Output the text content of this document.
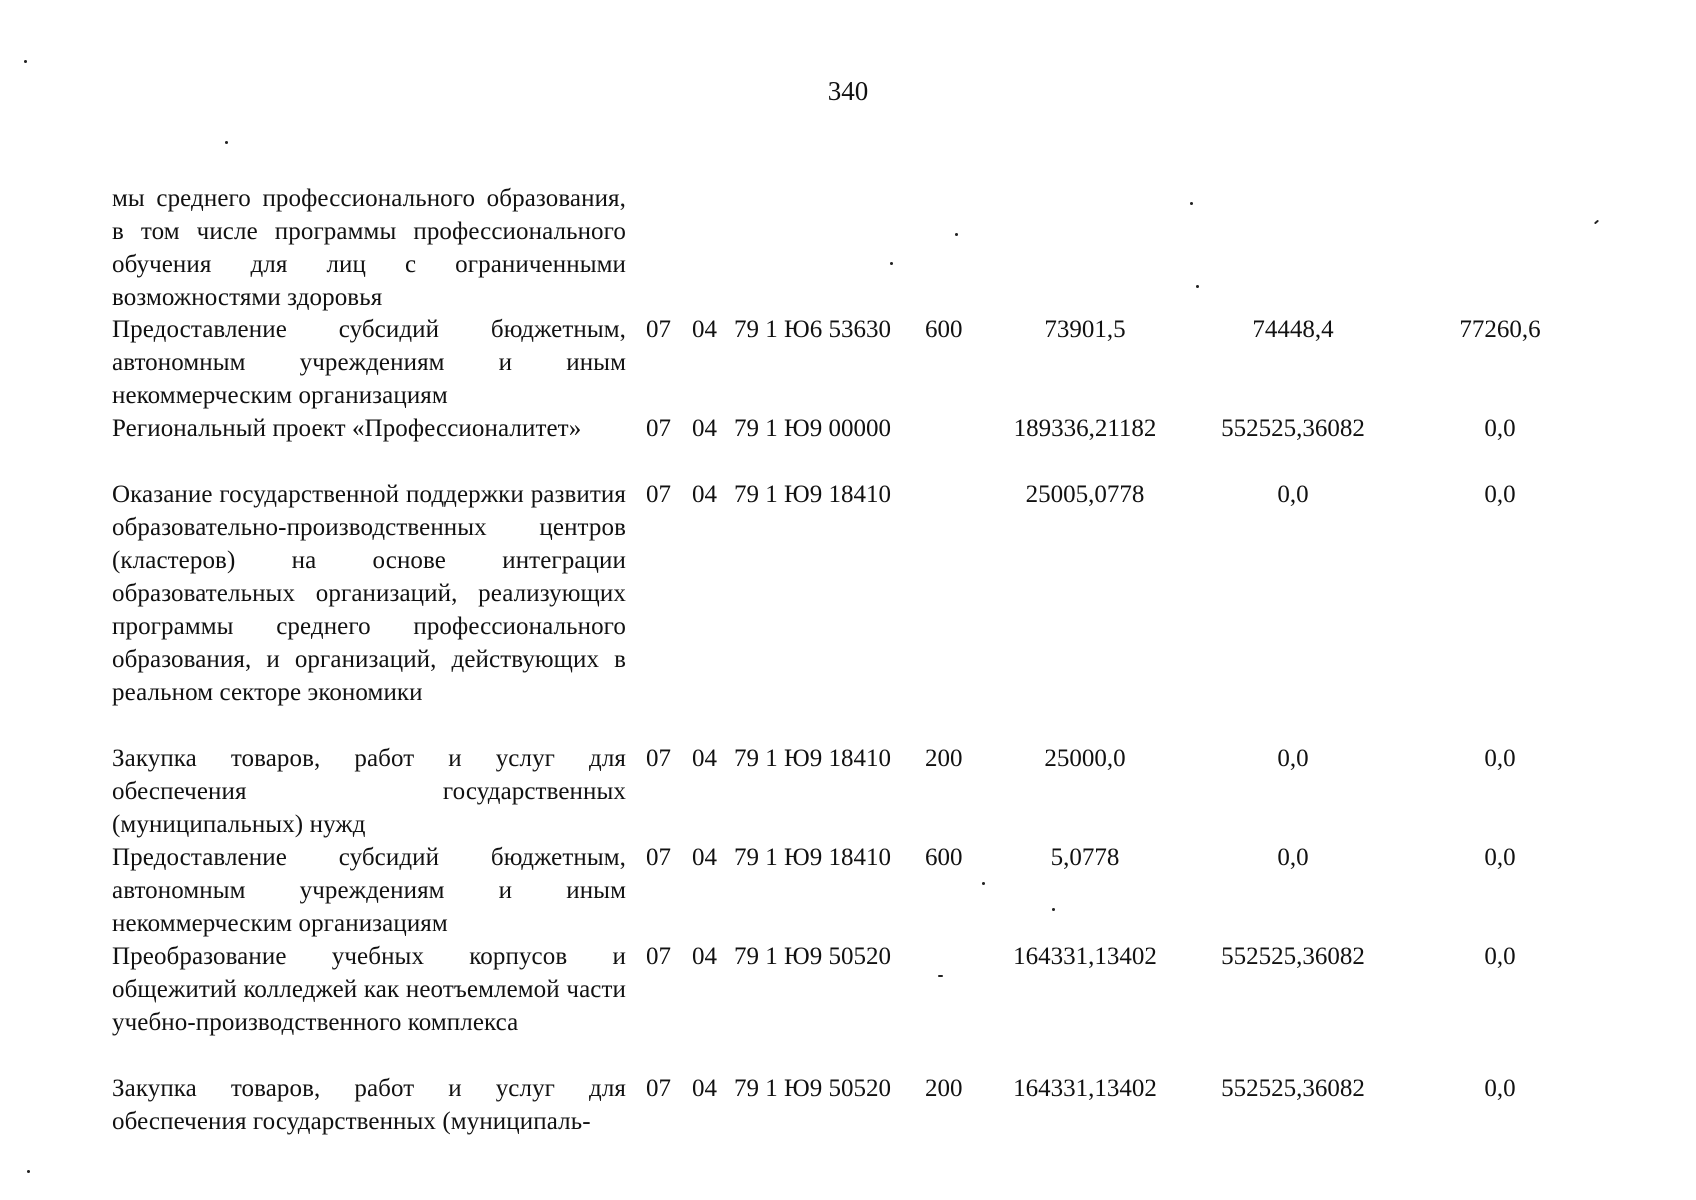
340
мы среднего профессионального образования, в том числе программы профессионального обучения для лиц с ограниченными возможностями здоровья
Предоставление субсидий бюджетным, автономным учреждениям и иным некоммерческим организациям
07 04 79 1 Ю6 53630 600	73901,5	74448,4	77260,6
Региональный проект «Профессионалитет»	07 04 79 1 Ю9 00000	189336,21182	552525,36082	0,0
Оказание государственной поддержки развития образовательно-производственных центров (кластеров) на основе интеграции образовательных организаций, реализующих программы среднего профессионального образования, и организаций, действующих в реальном секторе экономики
07 04 79 1 Ю9 18410	25005,0778	0,0	0,0
Закупка товаров, работ и услуг для обеспечения государственных (муниципальных) нужд
07 04 79 1 Ю9 18410 200	25000,0	0,0	0,0
Предоставление субсидий бюджетным, автономным учреждениям и иным некоммерческим организациям
07 04 79 1 Ю9 18410 600	5,0778	0,0	0,0
Преобразование учебных корпусов и общежитий колледжей как неотъемлемой части учебно-производственного комплекса
07 04 79 1 Ю9 50520	164331,13402	552525,36082	0,0
Закупка товаров, работ и услуг для обеспечения государственных (муниципаль-
07 04 79 1 Ю9 50520 200	164331,13402	552525,36082	0,0
